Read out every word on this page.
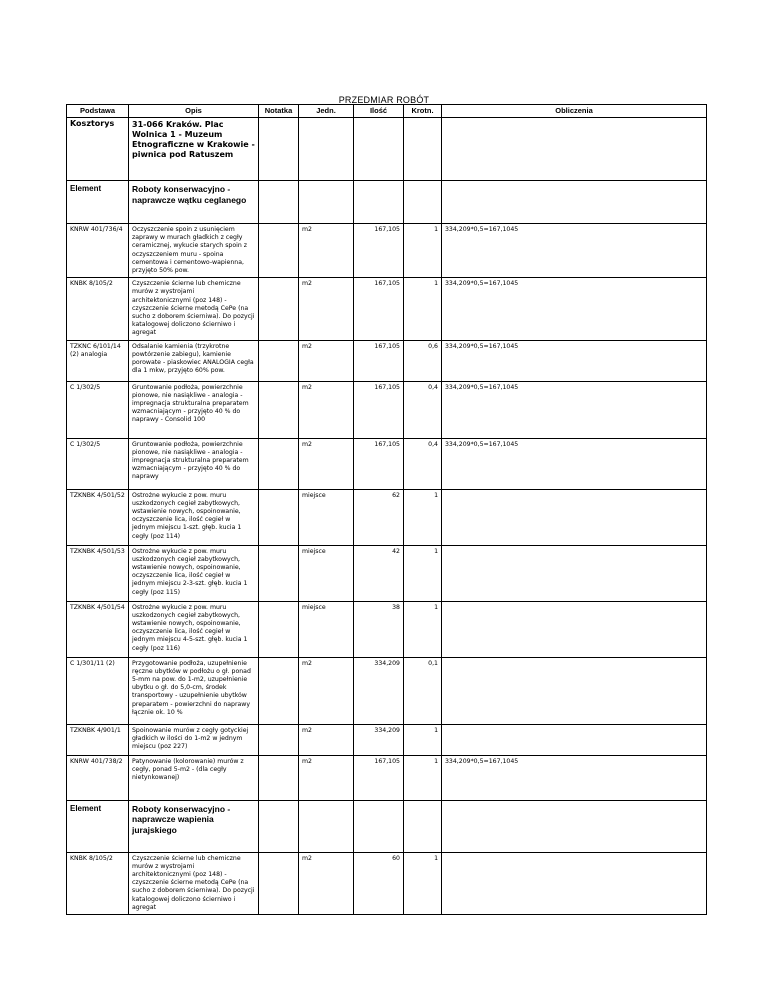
PRZEDMIAR ROBÓT
Podstawa	Opis	Notatka	Jedn.	Ilość	Krotn.	Obliczenia
Kosztorys	31-066 Kraków. Plac Wolnica 1 - Muzeum Etnograficzne w Krakowie - piwnica pod Ratuszem					
Element	Roboty konserwacyjno - naprawcze wątku ceglanego					
KNRW 401/736/4	Oczyszczenie spoin z usunięciem zaprawy w murach gładkich z cegły ceramicznej, wykucie starych spoin z oczyszczeniem muru - spoina cementowa i cementowo-wapienna, przyjęto 50% pow.		m2	167,105	1	334,209*0,5=167,1045
KNBK 8/105/2	Czyszczenie ścierne lub chemiczne murów z wystrojami architektonicznymi (poz 148) - czyszczenie ścierne metodą CePe (na sucho z doborem ścierniwa). Do pozycji katalogowej doliczono ścierniwo i agregat		m2	167,105	1	334,209*0,5=167,1045
TZKNC 6/101/14 (2) analogia	Odsalanie kamienia (trzykrotne powtórzenie zabiegu), kamienie porowate - piaskowiec ANALOGIA cegła dla 1 mkw, przyjęto 60% pow.		m2	167,105	0,6	334,209*0,5=167,1045
C 1/302/5	Gruntowanie podłoża, powierzchnie pionowe, nie nasiąkliwe - analogia - impregnacja strukturalna preparatem wzmacniającym - przyjęto 40 % do naprawy - Consolid 100		m2	167,105	0,4	334,209*0,5=167,1045
C 1/302/5	Gruntowanie podłoża, powierzchnie pionowe, nie nasiąkliwe - analogia - impregnacja strukturalna preparatem wzmacniającym - przyjęto 40 % do naprawy		m2	167,105	0,4	334,209*0,5=167,1045
TZKNBK 4/501/52	Ostrożne wykucie z pow. muru uszkodzonych cegieł zabytkowych, wstawienie nowych, ospoinowanie, oczyszczenie lica, ilość cegieł w jednym miejscu 1-szt. głęb. kucia 1 cegły (poz 114)		miejsce	62	1	
TZKNBK 4/501/53	Ostrożne wykucie z pow. muru uszkodzonych cegieł zabytkowych, wstawienie nowych, ospoinowanie, oczyszczenie lica, ilość cegieł w jednym miejscu 2-3-szt. głęb. kucia 1 cegły (poz 115)		miejsce	42	1	
TZKNBK 4/501/54	Ostrożne wykucie z pow. muru uszkodzonych cegieł zabytkowych, wstawienie nowych, ospoinowanie, oczyszczenie lica, ilość cegieł w jednym miejscu 4-5-szt. głęb. kucia 1 cegły (poz 116)		miejsce	38	1	
C 1/301/11 (2)	Przygotowanie podłoża, uzupełnienie ręczne ubytków w podłożu o gł. ponad 5-mm na pow. do 1-m2, uzupełnienie ubytku o gł. do 5,0-cm, środek transportowy - uzupełnienie ubytków preparatem - powierzchni do naprawy łącznie ok. 10 %		m2	334,209	0,1	
TZKNBK 4/901/1	Spoinowanie murów z cegły gotyckiej gładkich w ilości do 1-m2 w jednym miejscu (poz 227)		m2	334,209	1	
KNRW 401/738/2	Patynowanie (kolorowanie) murów z cegły, ponad 5-m2 - (dla cegły nietynkowanej)		m2	167,105	1	334,209*0,5=167,1045
Element	Roboty konserwacyjno - naprawcze wapienia jurajskiego					
KNBK 8/105/2	Czyszczenie ścierne lub chemiczne murów z wystrojami architektonicznymi (poz 148) - czyszczenie ścierne metodą CePe (na sucho z doborem ścierniwa). Do pozycji katalogowej doliczono ścierniwo i agregat		m2	60	1	
